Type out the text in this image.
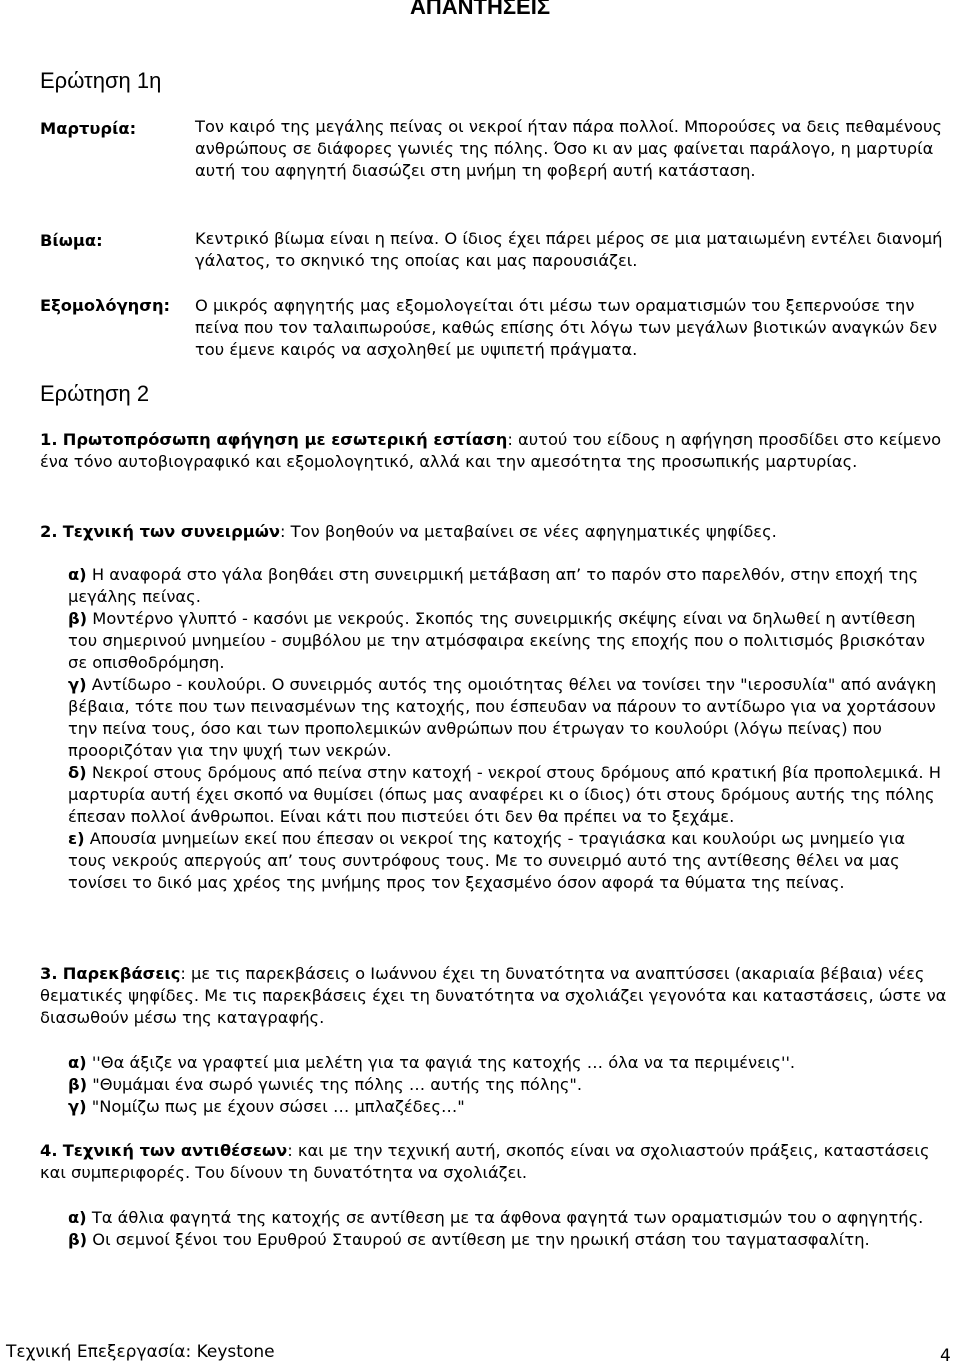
ΑΠΑΝΤΗΣΕΙΣ
Ερώτηση 1η

Μαρτυρία:	Τον καιρό της μεγάλης πείνας οι νεκροί ήταν πάρα πολλοί. Μπορούσες να δεις πεθαμένους ανθρώπους σε διάφορες γωνιές της πόλης. Όσο κι αν μας φαίνεται παράλογο, η μαρτυρία αυτή του αφηγητή διασώζει στη μνήμη τη φοβερή αυτή κατάσταση.

Βίωμα:	Κεντρικό βίωμα είναι η πείνα. Ο ίδιος έχει πάρει μέρος σε μια ματαιωμένη εντέλει διανομή γάλατος, το σκηνικό της οποίας και μας παρουσιάζει.

Εξομολόγηση: Ο μικρός αφηγητής μας εξομολογείται ότι μέσω των οραματισμών του ξεπερνούσε την πείνα που τον ταλαιπωρούσε, καθώς επίσης ότι λόγω των μεγάλων βιοτικών αναγκών δεν του έμενε καιρός να ασχοληθεί με υψιπετή πράγματα.

Ερώτηση 2

1. Πρωτοπρόσωπη αφήγηση με εσωτερική εστίαση: αυτού του είδους η αφήγηση προσδίδει στο κείμενο ένα τόνο αυτοβιογραφικό και εξομολογητικό, αλλά και την αμεσότητα της προσωπικής μαρτυρίας.

2. Τεχνική των συνειρμών: Τον βοηθούν να μεταβαίνει σε νέες αφηγηματικές ψηφίδες.

α) Η αναφορά στο γάλα βοηθάει στη συνειρμική μετάβαση απ’ το παρόν στο παρελθόν, στην εποχή της μεγάλης πείνας.
β) Μοντέρνο γλυπτό - κασόνι με νεκρούς. Σκοπός της συνειρμικής σκέψης είναι να δηλωθεί η αντίθεση του σημερινού μνημείου - συμβόλου με την ατμόσφαιρα εκείνης της εποχής που ο πολιτισμός βρισκόταν σε οπισθοδρόμηση.
γ) Αντίδωρο - κουλούρι. Ο συνειρμός αυτός της ομοιότητας θέλει να τονίσει την "ιεροσυλία" από ανάγκη βέβαια, τότε που των πεινασμένων της κατοχής, που έσπευδαν να πάρουν το αντίδωρο για να χορτάσουν την πείνα τους, όσο και των προπολεμικών ανθρώπων που έτρωγαν το κουλούρι (λόγω πείνας) που προοριζόταν για την ψυχή των νεκρών.
δ) Νεκροί στους δρόμους από πείνα στην κατοχή - νεκροί στους δρόμους από κρατική βία προπολεμικά. Η μαρτυρία αυτή έχει σκοπό να θυμίσει (όπως μας αναφέρει κι ο ίδιος) ότι στους δρόμους αυτής της πόλης έπεσαν πολλοί άνθρωποι. Είναι κάτι που πιστεύει ότι δεν θα πρέπει να το ξεχάμε.
ε) Απουσία μνημείων εκεί που έπεσαν οι νεκροί της κατοχής - τραγιάσκα και κουλούρι ως μνημείο για τους νεκρούς απεργούς απ’ τους συντρόφους τους. Με το συνειρμό αυτό της αντίθεσης θέλει να μας τονίσει το δικό μας χρέος της μνήμης προς τον ξεχασμένο όσον αφορά τα θύματα της πείνας.

3. Παρεκβάσεις: με τις παρεκβάσεις ο Ιωάννου έχει τη δυνατότητα να αναπτύσσει (ακαριαία βέβαια) νέες θεματικές ψηφίδες. Με τις παρεκβάσεις έχει τη δυνατότητα να σχολιάζει γεγονότα και καταστάσεις, ώστε να διασωθούν μέσω της καταγραφής.

α) ''Θα άξιζε να γραφτεί μια μελέτη για τα φαγιά της κατοχής … όλα να τα περιμένεις''.
β) "Θυμάμαι ένα σωρό γωνιές της πόλης … αυτής της πόλης".
γ) "Νομίζω πως με έχουν σώσει … μπλαζέδες…"

4. Τεχνική των αντιθέσεων: και με την τεχνική αυτή, σκοπός είναι να σχολιαστούν πράξεις, καταστάσεις και συμπεριφορές. Του δίνουν τη δυνατότητα να σχολιάζει.

α) Τα άθλια φαγητά της κατοχής σε αντίθεση με τα άφθονα φαγητά των οραματισμών του ο αφηγητής.
β) Οι σεμνοί ξένοι του Ερυθρού Σταυρού σε αντίθεση με την ηρωική στάση του ταγματασφαλίτη.
Τεχνική Επεξεργασία: Keystone	4
